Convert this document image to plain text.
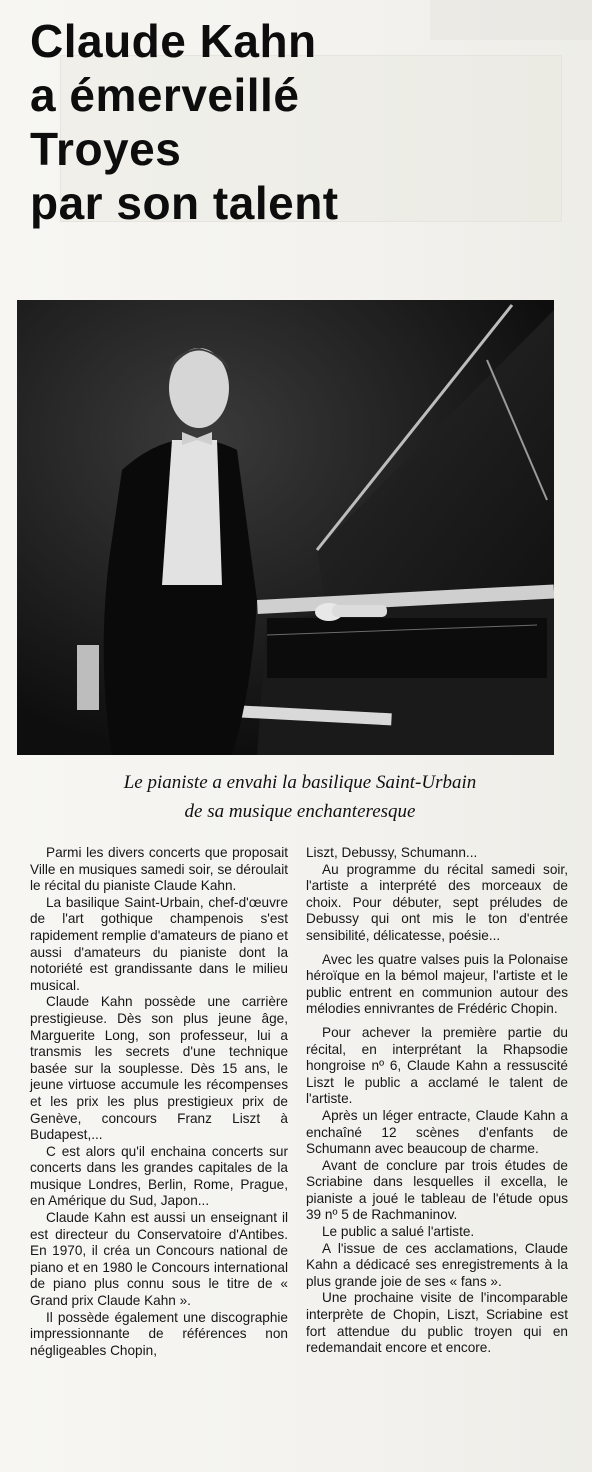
Claude Kahn
a émerveillé
Troyes
par son talent
Le pianiste a envahi la basilique Saint-Urbain
de sa musique enchanteresque

Parmi les divers concerts que proposait Ville en musiques samedi soir, se déroulait le récital du pianiste Claude Kahn.

La basilique Saint-Urbain, chef-d'œuvre de l'art gothique champenois s'est rapidement remplie d'amateurs de piano et aussi d'amateurs du pianiste dont la notoriété est grandissante dans le milieu musical.

Claude Kahn possède une carrière prestigieuse. Dès son plus jeune âge, Marguerite Long, son professeur, lui a transmis les secrets d'une technique basée sur la souplesse. Dès 15 ans, le jeune virtuose accumule les récompenses et les prix les plus prestigieux prix de Genève, concours Franz Liszt à Budapest,...

C est alors qu'il enchaina concerts sur concerts dans les grandes capitales de la musique Londres, Berlin, Rome, Prague, en Amérique du Sud, Japon...

Claude Kahn est aussi un enseignant il est directeur du Conservatoire d'Antibes. En 1970, il créa un Concours national de piano et en 1980 le Concours international de piano plus connu sous le titre de « Grand prix Claude Kahn ».

Il possède également une discographie impressionnante de références non négligeables Chopin,

Liszt, Debussy, Schumann...

Au programme du récital samedi soir, l'artiste a interprété des morceaux de choix. Pour débuter, sept préludes de Debussy qui ont mis le ton d'entrée sensibilité, délicatesse, poésie...

Avec les quatre valses puis la Polonaise héroïque en la bémol majeur, l'artiste et le public entrent en communion autour des mélodies ennivrantes de Frédéric Chopin.

Pour achever la première partie du récital, en interprétant la Rhapsodie hongroise nº 6, Claude Kahn a ressuscité Liszt le public a acclamé le talent de l'artiste.

Après un léger entracte, Claude Kahn a enchaîné 12 scènes d'enfants de Schumann avec beaucoup de charme.

Avant de conclure par trois études de Scriabine dans lesquelles il excella, le pianiste a joué le tableau de l'étude opus 39 nº 5 de Rachmaninov.

Le public a salué l'artiste.

A l'issue de ces acclamations, Claude Kahn a dédicacé ses enregistrements à la plus grande joie de ses « fans ».

Une prochaine visite de l'incomparable interprète de Chopin, Liszt, Scriabine est fort attendue du public troyen qui en redemandait encore et encore.
